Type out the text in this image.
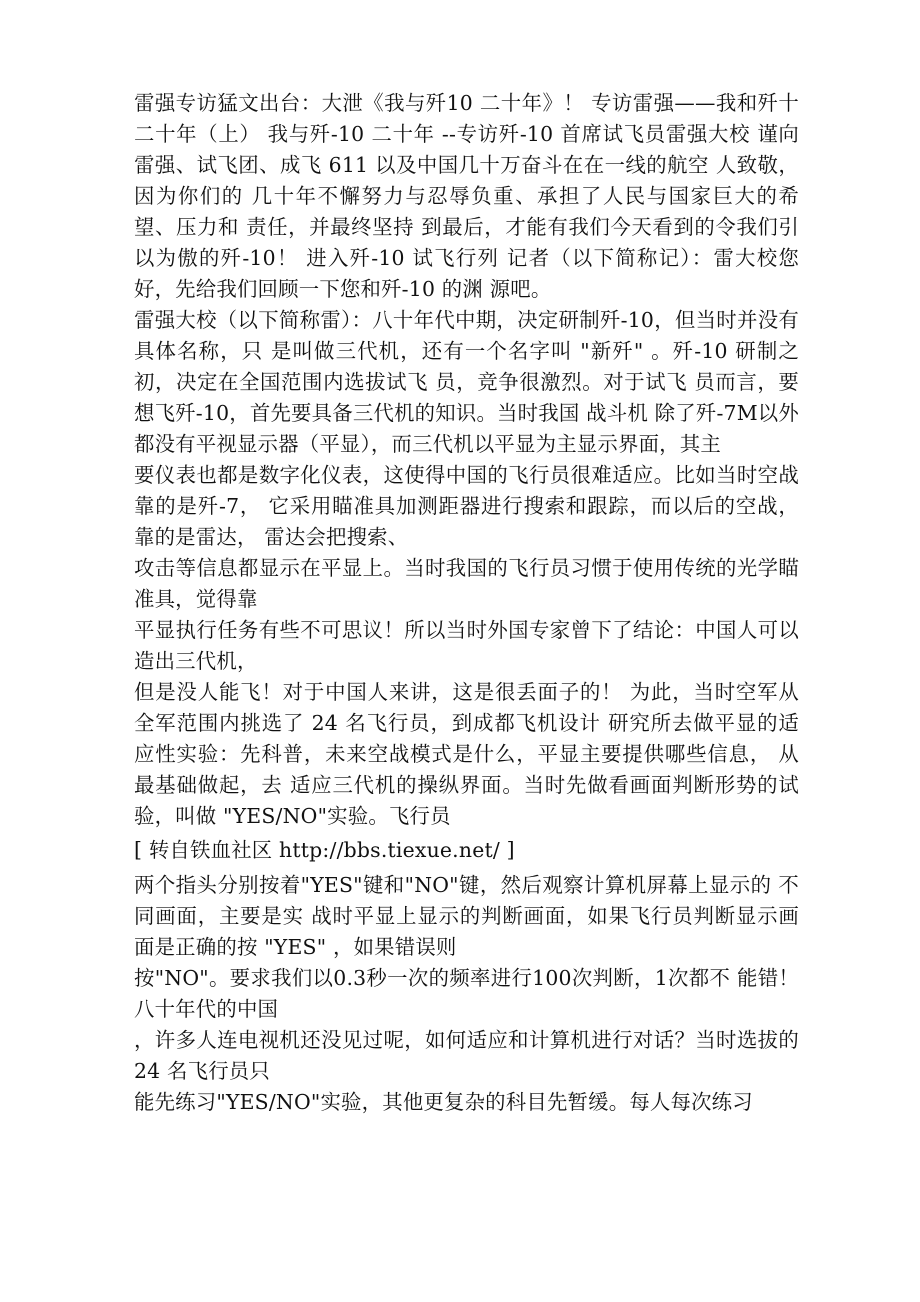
雷强专访猛文出台：大泄《我与歼10 二十年》！ 专访雷强——我和歼十二十年（上） 我与歼-10 二十年 --专访歼-10 首席试飞员雷强大校 谨向雷强、试飞团、成飞 611 以及中国几十万奋斗在在一线的航空 人致敬，因为你们的 几十年不懈努力与忍辱负重、承担了人民与国家巨大的希望、压力和 责任，并最终坚持 到最后，才能有我们今天看到的令我们引以为傲的歼-10！ 进入歼-10 试飞行列 记者（以下简称记）：雷大校您好，先给我们回顾一下您和歼-10 的渊 源吧。

雷强大校（以下简称雷）：八十年代中期，决定研制歼-10，但当时并没有具体名称，只 是叫做三代机，还有一个名字叫 "新歼" 。歼-10 研制之初，决定在全国范围内选拔试飞 员，竞争很激烈。对于试飞 员而言，要想飞歼-10，首先要具备三代机的知识。当时我国 战斗机 除了歼-7M以外都没有平视显示器（平显），而三代机以平显为主显示界面，其主

要仪表也都是数字化仪表，这使得中国的飞行员很难适应。比如当时空战靠的是歼-7， 它采用瞄准具加测距器进行搜索和跟踪，而以后的空战，靠的是雷达， 雷达会把搜索、

攻击等信息都显示在平显上。当时我国的飞行员习惯于使用传统的光学瞄准具，觉得靠

平显执行任务有些不可思议！所以当时外国专家曾下了结论：中国人可以造出三代机，

但是没人能飞！对于中国人来讲，这是很丢面子的！ 为此，当时空军从全军范围内挑选了 24 名飞行员，到成都飞机设计 研究所去做平显的适 应性实验：先科普，未来空战模式是什么，平显主要提供哪些信息， 从最基础做起，去 适应三代机的操纵界面。当时先做看画面判断形势的试验，叫做 "YES/NO"实验。飞行员

[ 转自铁血社区 http://bbs.tiexue.net/ ]

两个指头分别按着"YES"键和"NO"键，然后观察计算机屏幕上显示的 不同画面，主要是实 战时平显上显示的判断画面，如果飞行员判断显示画面是正确的按 "YES" ，如果错误则

按"NO"。要求我们以0.3秒一次的频率进行100次判断，1次都不 能错！八十年代的中国

，许多人连电视机还没见过呢，如何适应和计算机进行对话？当时选拔的 24 名飞行员只

能先练习"YES/NO"实验，其他更复杂的科目先暂缓。每人每次练习
